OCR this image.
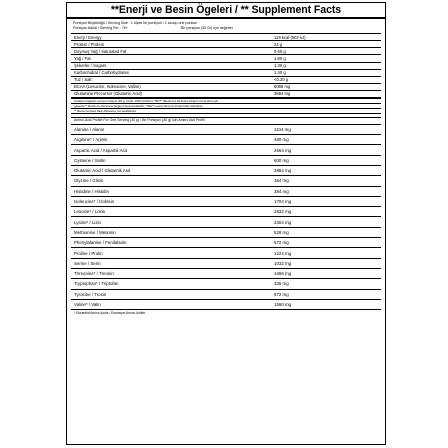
**Enerji ve Besin Ögeleri / ** Supplement Facts
Porsiyon Büyüklüğü / Serving Size : 1 ölçek bir porsiyon / 1 scoop one porsion
Porsiyon Adedi / Serving Per : 76+	Bir porsiyon (30 Gr) için değerler
Enerji / Energy	119 kcal (502 kJ)
Protein / Protein	24 g
Doymuş Yağ / Saturated Fat	0.60 g
Yağ / Fat	1.80 g
Şekerler / Sugars	1.30 g
Karbonhidrat / Carbohydrates	1.40 g
Tuz / Salt	<0.20 g
BCAA (Lesucine, Isoleucine, Valine)	6098 mg
Glutamine Precursor (Glutamic Acid)	3884 mg
Ortalama değerler porsiyon başına (30 g) içindir. 2000 kcal'lik bir *BDT* (Beslenme Referans Değeri) temel alınmıştır.
garantisi ** Beslenme Referans Değeri bulunmamaktadır. *NRV* means Recommended Daily Allowance
** Recommended Daily Allowance not established.
Amino Acid Profile For One Serving (30 g) / Bir Porsiyon (30 g) İçin Amino Asit Profili
Alanine / Alanin	1104 mg
Arginine* / Arjinin	480 mg
Aspartic Acid / Aspartik Asit	2664 mg
Cysteine / Sistin	600 mg
Glutamic Acid / Glutamik Asit	3884 mg
Glycine / Glisin	384 mg
Histidine / Histidin	384 mg
Isoleucine* / İzolösin	1704 mg
Leucine* / Lösin	2832 mg
Lysine* / Lizin	2304 mg
Methionine / Metionin	528 mg
Phenylalanine / Fenilalanin	672 mg
Proline / Prolin	1224 mg
Serine / Serin	1032 mg
Threonine* / Treonin	1656 mg
Tryptophan* / Triptofan	336 mg
Tyrosine / Trosin	672 mg
Valine* / Valin	1560 mg
* Essential Amino Acids / Esansiyel Amino Asitler
